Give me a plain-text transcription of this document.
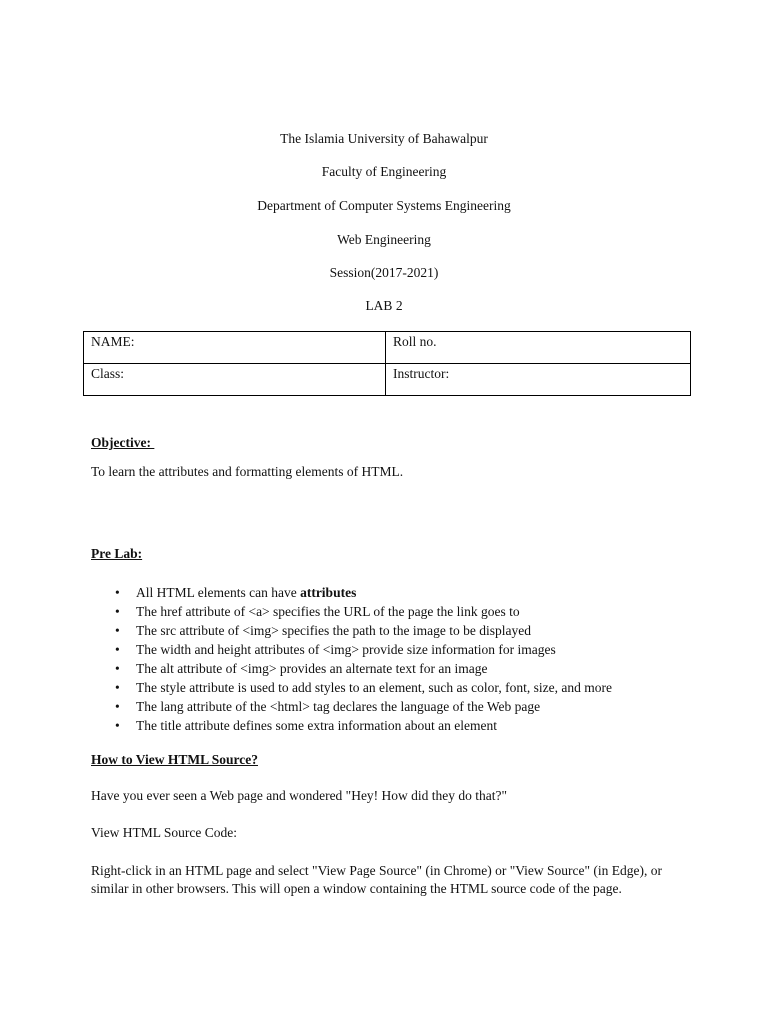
The Islamia University of Bahawalpur
Faculty of Engineering
Department of Computer Systems Engineering
Web Engineering
Session(2017-2021)
LAB 2
NAME:	Roll no.
Class:	Instructor:
Objective:
To learn the attributes and formatting elements of HTML.
Pre Lab:
• All HTML elements can have attributes
• The href attribute of <a> specifies the URL of the page the link goes to
• The src attribute of <img> specifies the path to the image to be displayed
• The width and height attributes of <img> provide size information for images
• The alt attribute of <img> provides an alternate text for an image
• The style attribute is used to add styles to an element, such as color, font, size, and more
• The lang attribute of the <html> tag declares the language of the Web page
• The title attribute defines some extra information about an element
How to View HTML Source?
Have you ever seen a Web page and wondered "Hey! How did they do that?"
View HTML Source Code:
Right-click in an HTML page and select "View Page Source" (in Chrome) or "View Source" (in Edge), or similar in other browsers. This will open a window containing the HTML source code of the page.
